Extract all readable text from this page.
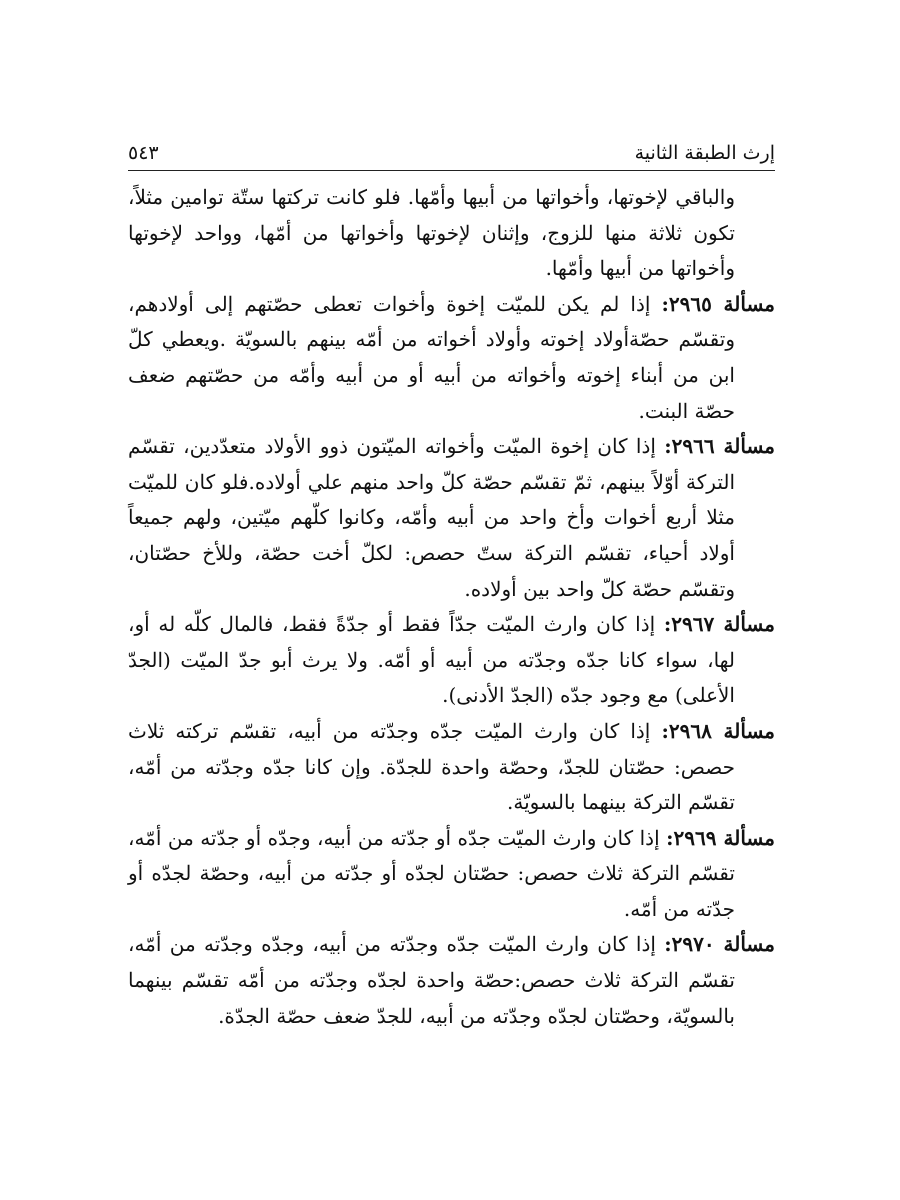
إرث الطبقة الثانية
٥٤٣

والباقي لإخوتها، وأخواتها من أبيها وأمّها. فلو كانت تركتها ستّة توامين مثلاً، تكون ثلاثة منها للزوج، وإثنان لإخوتها وأخواتها من أمّها، وواحد لإخوتها وأخواتها من أبيها وأمّها.

مسألة ٢٩٦٥: إذا لم يكن للميّت إخوة وأخوات تعطى حصّتهم إلى أولادهم، وتقسّم حصّةأولاد إخوته وأولاد أخواته من أمّه بينهم بالسويّة .ويعطي كلّ ابن من أبناء إخوته وأخواته من أبيه أو من أبيه وأمّه من حصّتهم ضعف حصّة البنت.

مسألة ٢٩٦٦: إذا كان إخوة الميّت وأخواته الميّتون ذوو الأولاد متعدّدين، تقسّم التركة أوّلاً بينهم، ثمّ تقسّم حصّة كلّ واحد منهم علي أولاده.فلو كان للميّت مثلا أربع أخوات وأخ واحد من أبيه وأمّه، وكانوا كلّهم ميّتين، ولهم جميعاً أولاد أحياء، تقسّم التركة ستّ حصص: لكلّ أخت حصّة، وللأخ حصّتان، وتقسّم حصّة كلّ واحد بين أولاده.

مسألة ٢٩٦٧: إذا كان وارث الميّت جدّاً فقط أو جدّةً فقط، فالمال كلّه له أو، لها، سواء كانا جدّه وجدّته من أبيه أو أمّه. ولا يرث أبو جدّ الميّت (الجدّ الأعلى) مع وجود جدّه (الجدّ الأدنى).

مسألة ٢٩٦٨: إذا كان وارث الميّت جدّه وجدّته من أبيه، تقسّم تركته ثلاث حصص: حصّتان للجدّ، وحصّة واحدة للجدّة. وإن كانا جدّه وجدّته من أمّه، تقسّم التركة بينهما بالسويّة.

مسألة ٢٩٦٩: إذا كان وارث الميّت جدّه أو جدّته من أبيه، وجدّه أو جدّته من أمّه، تقسّم التركة ثلاث حصص: حصّتان لجدّه أو جدّته من أبيه، وحصّة لجدّه أو جدّته من أمّه.

مسألة ٢٩٧٠: إذا كان وارث الميّت جدّه وجدّته من أبيه، وجدّه وجدّته من أمّه، تقسّم التركة ثلاث حصص:حصّة واحدة لجدّه وجدّته من أمّه تقسّم بينهما بالسويّة، وحصّتان لجدّه وجدّته من أبيه، للجدّ ضعف حصّة الجدّة.
